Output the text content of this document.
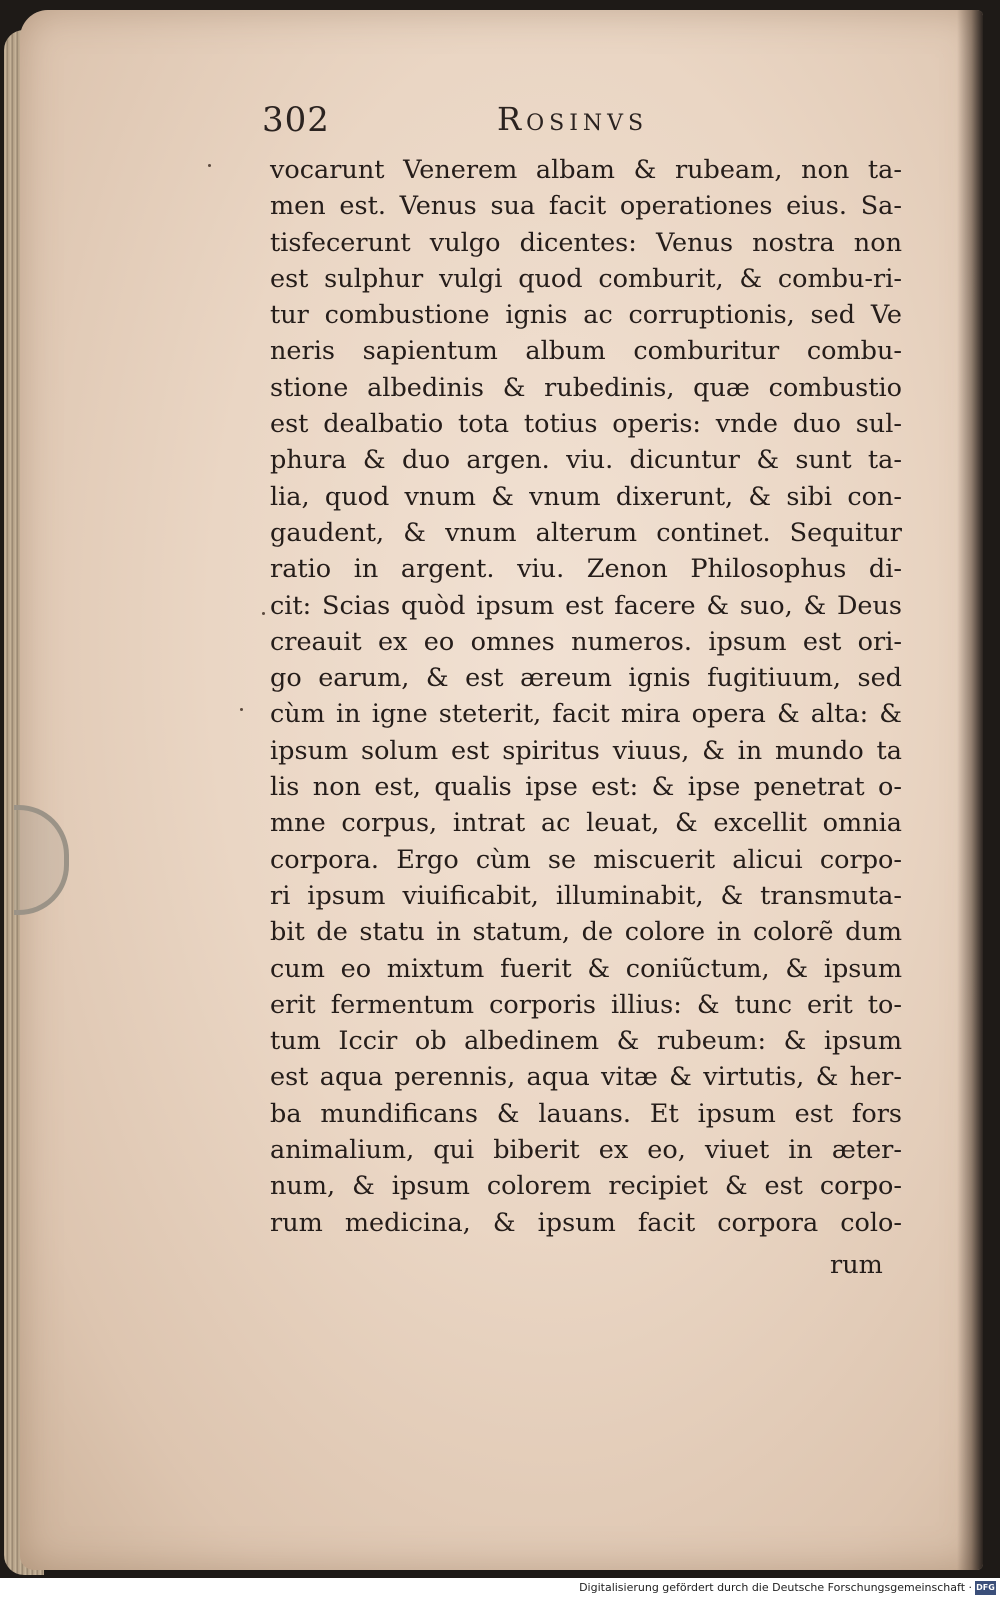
302	Rosinvs
vocarunt Venerem albam & rubeam, non ta-
men est. Venus sua facit operationes eius. Sa-
tisfecerunt vulgo dicentes: Venus nostra non
est sulphur vulgi quod comburit, & combu-ri-
tur combustione ignis ac corruptionis, sed Ve
neris sapientum album comburitur combu-
stione albedinis & rubedinis, quæ combustio
est dealbatio tota totius operis: vnde duo sul-
phura & duo argen. viu. dicuntur & sunt ta-
lia, quod vnum & vnum dixerunt, & sibi con-
gaudent, & vnum alterum continet. Sequitur
ratio in argent. viu. Zenon Philosophus di-
cit: Scias quòd ipsum est facere & suo, & Deus
creauit ex eo omnes numeros. ipsum est ori-
go earum, & est æreum ignis fugitiuum, sed
cùm in igne steterit, facit mira opera & alta: &
ipsum solum est spiritus viuus, & in mundo ta
lis non est, qualis ipse est: & ipse penetrat o-
mne corpus, intrat ac leuat, & excellit omnia
corpora. Ergo cùm se miscuerit alicui corpo-
ri ipsum viuificabit, illuminabit, & transmuta-
bit de statu in statum, de colore in colorẽ dum
cum eo mixtum fuerit & coniũctum, & ipsum
erit fermentum corporis illius: & tunc erit to-
tum Iccir ob albedinem & rubeum: & ipsum
est aqua perennis, aqua vitæ & virtutis, & her-
ba mundificans & lauans. Et ipsum est fors
animalium, qui biberit ex eo, viuet in æter-
num, & ipsum colorem recipiet & est corpo-
rum medicina, & ipsum facit corpora colo-
rum
Digitalisierung gefördert durch die Deutsche Forschungsgemeinschaft · DFG
